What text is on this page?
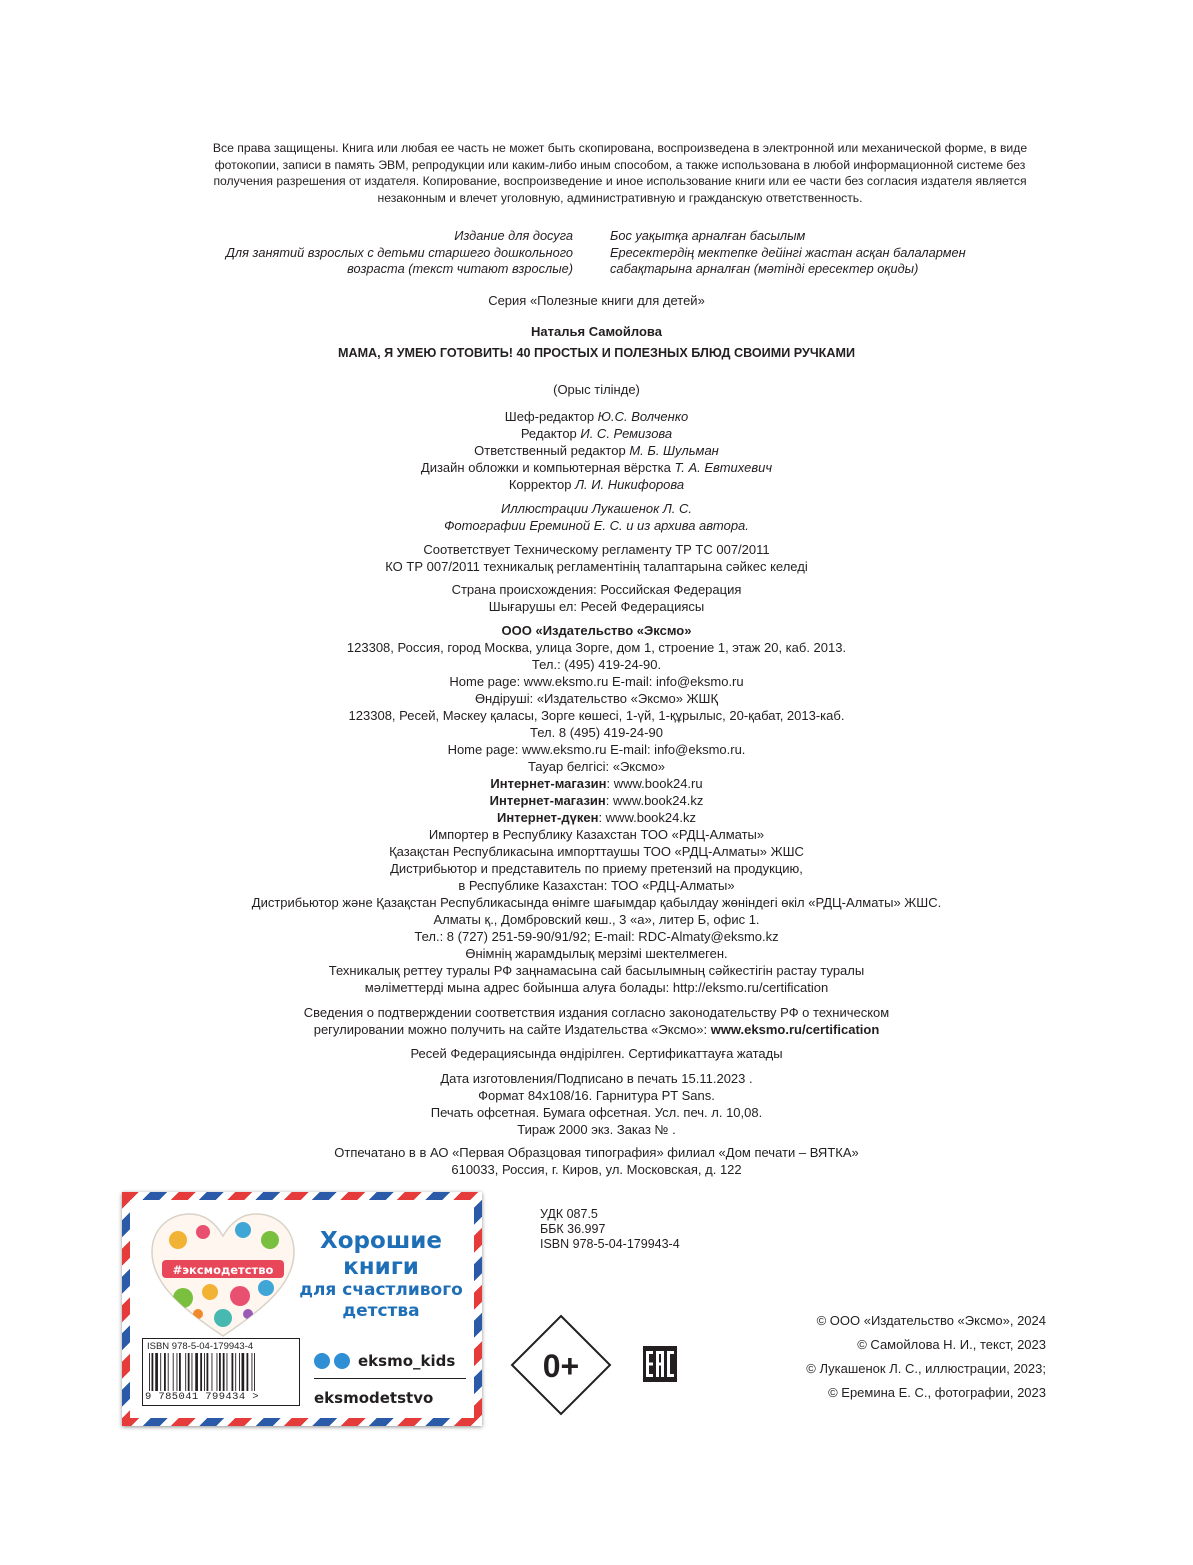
Все права защищены. Книга или любая ее часть не может быть скопирована, воспроизведена в электронной или механической форме, в виде фотокопии, записи в память ЭВМ, репродукции или каким-либо иным способом, а также использована в любой информационной системе без получения разрешения от издателя. Копирование, воспроизведение и иное использование книги или ее части без согласия издателя является незаконным и влечет уголовную, административную и гражданскую ответственность.

Издание для досуга
Для занятий взрослых с детьми старшего дошкольного
возраста (текст читают взрослые)
Бос уақытқа арналған басылым
Ересектердің мектепке дейінгі жастан асқан балалармен
сабақтарына арналған (мәтінді ересектер оқиды)
Серия «Полезные книги для детей»
Наталья Самойлова
МАМА, Я УМЕЮ ГОТОВИТЬ! 40 ПРОСТЫХ И ПОЛЕЗНЫХ БЛЮД СВОИМИ РУЧКАМИ
(Орыс тілінде)
Шеф-редактор Ю.С. Волченко
Редактор И. С. Ремизова
Ответственный редактор М. Б. Шульман
Дизайн обложки и компьютерная вёрстка Т. А. Евтихевич
Корректор Л. И. Никифорова
Иллюстрации Лукашенок Л. С.
Фотографии Ереминой Е. С. и из архива автора.
Соответствует Техническому регламенту ТР ТС 007/2011
КО ТР 007/2011 техникалық регламентінің талаптарына сәйкес келеді
Страна происхождения: Российская Федерация
Шығарушы ел: Ресей Федерациясы
ООО «Издательство «Эксмо»
123308, Россия, город Москва, улица Зорге, дом 1, строение 1, этаж 20, каб. 2013.
Тел.: (495) 419-24-90.
Home page: www.eksmo.ru E-mail: info@eksmo.ru
Өндіруші: «Издательство «Эксмо» ЖШҚ
123308, Ресей, Мәскеу қаласы, Зорге көшесі, 1-үй, 1-құрылыс, 20-қабат, 2013-каб.
Тел. 8 (495) 419-24-90
Home page: www.eksmo.ru E-mail: info@eksmo.ru.
Тауар белгісі: «Эксмо»
Интернет-магазин: www.book24.ru
Интернет-магазин: www.book24.kz
Интернет-дүкен: www.book24.kz
Импортер в Республику Казахстан ТОО «РДЦ-Алматы»
Қазақстан Республикасына импорттаушы ТОО «РДЦ-Алматы» ЖШС
Дистрибьютор и представитель по приему претензий на продукцию,
в Республике Казахстан: ТОО «РДЦ-Алматы»
Дистрибьютор және Қазақстан Республикасында өнімге шағымдар қабылдау жөніндегі өкіл «РДЦ-Алматы» ЖШС.
Алматы қ., Домбровский көш., 3 «а», литер Б, офис 1.
Тел.: 8 (727) 251-59-90/91/92; E-mail: RDC-Almaty@eksmo.kz
Өнімнің жарамдылық мерзімі шектелмеген.
Техникалық реттеу туралы РФ заңнамасына сай басылымның сәйкестігін растау туралы
мәліметтерді мына адрес бойынша алуға болады: http://eksmo.ru/certification
Сведения о подтверждении соответствия издания согласно законодательству РФ о техническом
регулировании можно получить на сайте Издательства «Эксмо»: www.eksmo.ru/certification
Ресей Федерациясында өндірілген. Сертификаттауға жатады
Дата изготовления/Подписано в печать 15.11.2023 .
Формат 84x108/16. Гарнитура PT Sans.
Печать офсетная. Бумага офсетная. Усл. печ. л. 10,08.
Тираж 2000 экз. Заказ № .
Отпечатано в в АО «Первая Образцовая типография» филиал «Дом печати – ВЯТКА»
610033, Россия, г. Киров, ул. Московская, д. 122
#эксмодетство
Хорошие
книги
для счастливого
детства
ISBN 978-5-04-179943-4
9 785041 799434 >
eksmo_kids
eksmodetstvo
УДК 087.5
ББК 36.997
ISBN 978-5-04-179943-4
0+	EAC
© ООО «Издательство «Эксмо», 2024
© Самойлова Н. И., текст, 2023
© Лукашенок Л. С., иллюстрации, 2023;
© Еремина Е. С., фотографии, 2023
